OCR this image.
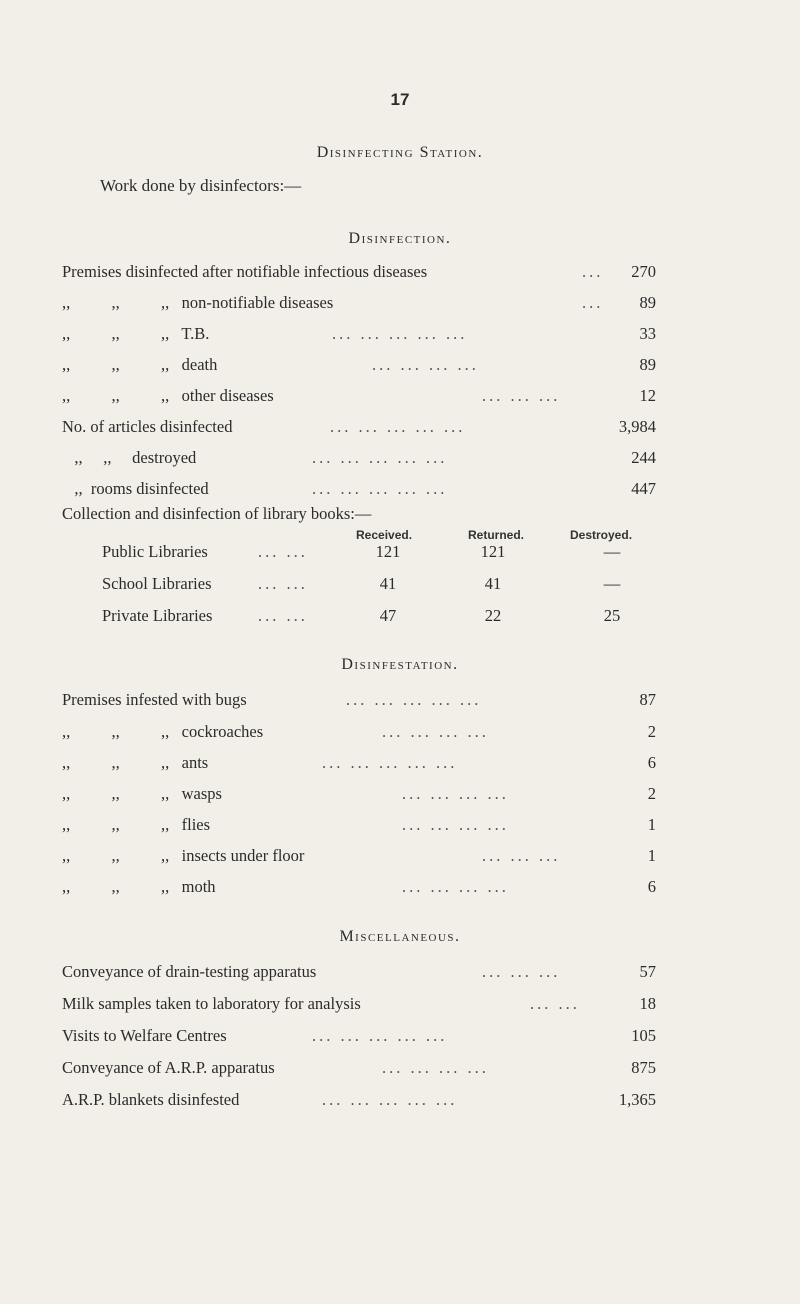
17
Disinfecting Station.
Work done by disinfectors:—
Disinfection.
Premises disinfected after notifiable infectious diseases	... 270
,,          ,,          ,,   non-notifiable diseases	... 89
,,          ,,          ,,   T.B.	... ... ... ... ...	33
,,          ,,          ,,   death	... ... ... ...	89
,,          ,,          ,,   other diseases	... ... ...	12
No. of articles disinfected	... ... ... ... ...	3,984
,,     ,,     destroyed	... ... ... ... ...	244
,,  rooms disinfected	... ... ... ... ...	447
Collection and disinfection of library books:—
Received.	Returned.	Destroyed.
Public Libraries	... ...	121	121	—
School Libraries	... ...	41	41	—
Private Libraries	... ...	47	22	25
Disinfestation.
Premises infested with bugs	... ... ... ... ...	87
,,          ,,          ,,   cockroaches	... ... ... ...	2
,,          ,,          ,,   ants	... ... ... ... ...	6
,,          ,,          ,,   wasps	... ... ... ...	2
,,          ,,          ,,   flies	... ... ... ...	1
,,          ,,          ,,   insects under floor	... ... ...	1
,,          ,,          ,,   moth	... ... ... ...	6
Miscellaneous.
Conveyance of drain-testing apparatus	... ... ...	57
Milk samples taken to laboratory for analysis	... ...	18
Visits to Welfare Centres	... ... ... ... ...	105
Conveyance of A.R.P. apparatus	... ... ... ...	875
A.R.P. blankets disinfested	... ... ... ... ...	1,365
